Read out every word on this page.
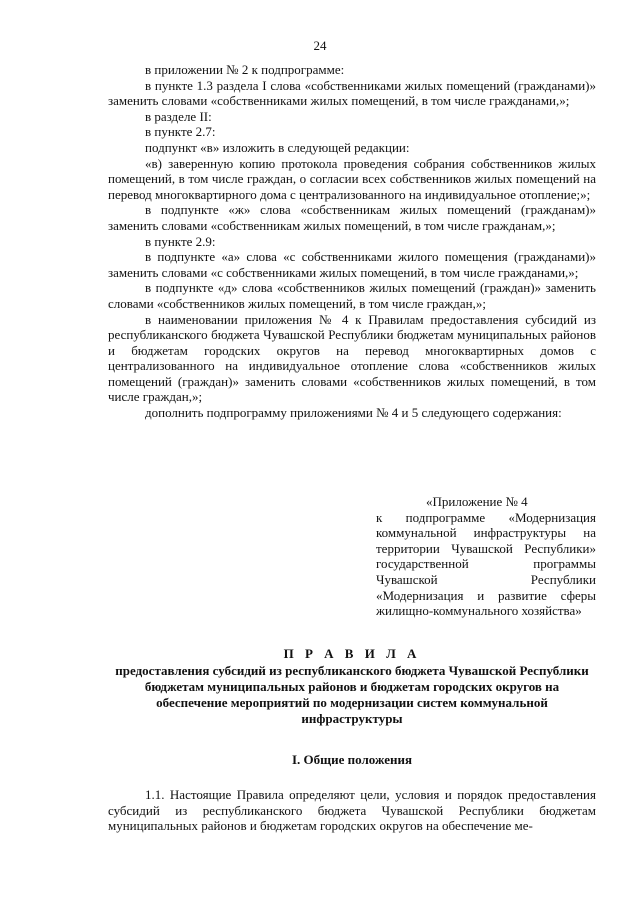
24

в приложении № 2 к подпрограмме:

в пункте 1.3 раздела I слова «собственниками жилых помещений (гражданами)» заменить словами «собственниками жилых помещений, в том числе гражданами,»;

в разделе II:

в пункте 2.7:

подпункт «в» изложить в следующей редакции:

«в) заверенную копию протокола проведения собрания собственников жилых помещений, в том числе граждан, о согласии всех собственников жилых помещений на перевод многоквартирного дома с централизованного на индивидуальное отопление;»;

в подпункте «ж» слова «собственникам жилых помещений (гражданам)» заменить словами «собственникам жилых помещений, в том числе гражданам,»;

в пункте 2.9:

в подпункте «а» слова «с собственниками жилого помещения (гражданами)» заменить словами «с собственниками жилых помещений, в том числе гражданами,»;

в подпункте «д» слова «собственников жилых помещений (граждан)» заменить словами «собственников жилых помещений, в том числе граждан,»;

в наименовании приложения № 4 к Правилам предоставления субсидий из республиканского бюджета Чувашской Республики бюджетам муниципальных районов и бюджетам городских округов на перевод многоквартирных домов с централизованного на индивидуальное отопление слова «собственников жилых помещений (граждан)» заменить словами «собственников жилых помещений, в том числе граждан,»;

дополнить подпрограмму приложениями № 4 и 5 следующего содержания:

«Приложение № 4
к подпрограмме «Модернизация коммунальной инфраструктуры на территории Чувашской Республики» государственной программы Чувашской Республики «Модернизация и развитие сферы жилищно-коммунального хозяйства»
П Р А В И Л А
предоставления субсидий из республиканского бюджета Чувашской Республики бюджетам муниципальных районов и бюджетам городских округов на обеспечение мероприятий по модернизации систем коммунальной инфраструктуры
I. Общие положения

1.1. Настоящие Правила определяют цели, условия и порядок предоставления субсидий из республиканского бюджета Чувашской Республики бюджетам муниципальных районов и бюджетам городских округов на обеспечение ме-
